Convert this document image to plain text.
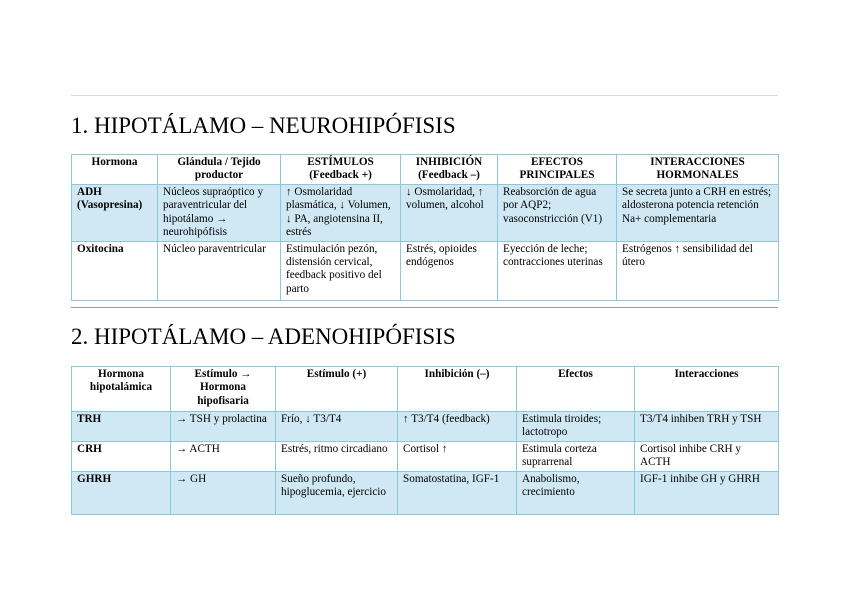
1. HIPOTÁLAMO – NEUROHIPÓFISIS
Hormona	Glándula / Tejido productor	ESTÍMULOS (Feedback +)	INHIBICIÓN (Feedback –)	EFECTOS PRINCIPALES	INTERACCIONES HORMONALES
ADH (Vasopresina)	Núcleos supraóptico y paraventricular del hipotálamo → neurohipófisis	↑ Osmolaridad plasmática, ↓ Volumen, ↓ PA, angiotensina II, estrés	↓ Osmolaridad, ↑ volumen, alcohol	Reabsorción de agua por AQP2; vasoconstricción (V1)	Se secreta junto a CRH en estrés; aldosterona potencia retención Na+ complementaria
Oxitocina	Núcleo paraventricular	Estimulación pezón, distensión cervical, feedback positivo del parto	Estrés, opioides endógenos	Eyección de leche; contracciones uterinas	Estrógenos ↑ sensibilidad del útero
2. HIPOTÁLAMO – ADENOHIPÓFISIS
Hormona hipotalámica	Estímulo → Hormona hipofisaria	Estímulo (+)	Inhibición (–)	Efectos	Interacciones
TRH	→ TSH y prolactina	Frío, ↓ T3/T4	↑ T3/T4 (feedback)	Estimula tiroides; lactotropo	T3/T4 inhiben TRH y TSH
CRH	→ ACTH	Estrés, ritmo circadiano	Cortisol ↑	Estimula corteza suprarrenal	Cortisol inhibe CRH y ACTH
GHRH	→ GH	Sueño profundo, hipoglucemia, ejercicio	Somatostatina, IGF-1	Anabolismo, crecimiento	IGF-1 inhibe GH y GHRH
